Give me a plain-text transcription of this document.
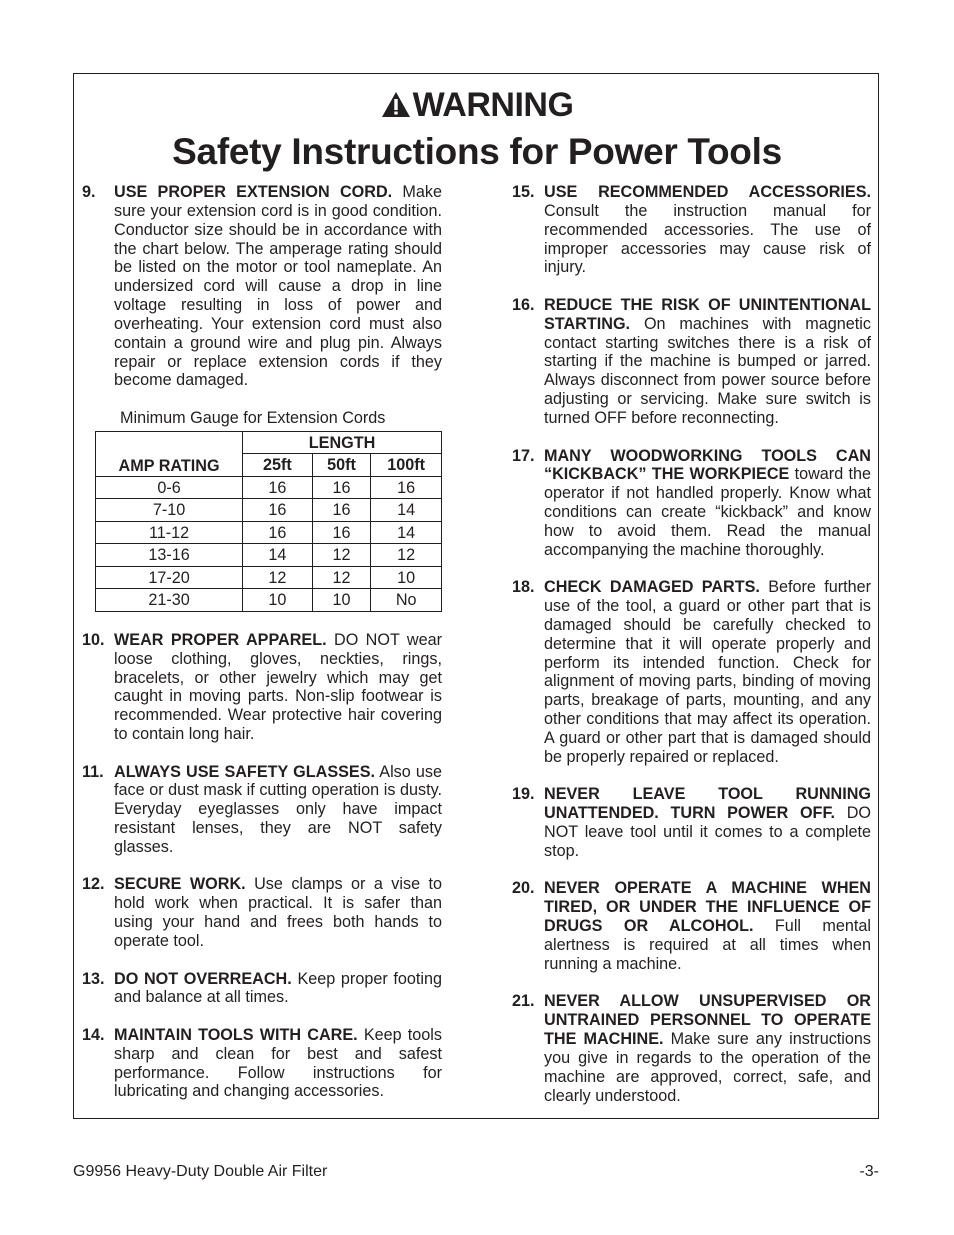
WARNING
Safety Instructions for Power Tools
9. USE PROPER EXTENSION CORD. Make sure your extension cord is in good condition. Conductor size should be in accordance with the chart below. The amperage rating should be listed on the motor or tool nameplate. An undersized cord will cause a drop in line voltage resulting in loss of power and overheating. Your extension cord must also contain a ground wire and plug pin. Always repair or replace extension cords if they become damaged.
Minimum Gauge for Extension Cords
AMP RATING	LENGTH		
	25ft	50ft	100ft
0-6	16	16	16
7-10	16	16	14
11-12	16	16	14
13-16	14	12	12
17-20	12	12	10
21-30	10	10	No
10. WEAR PROPER APPAREL. DO NOT wear loose clothing, gloves, neckties, rings, bracelets, or other jewelry which may get caught in moving parts. Non-slip footwear is recommended. Wear protective hair covering to contain long hair.
11. ALWAYS USE SAFETY GLASSES. Also use face or dust mask if cutting operation is dusty. Everyday eyeglasses only have impact resistant lenses, they are NOT safety glasses.
12. SECURE WORK. Use clamps or a vise to hold work when practical. It is safer than using your hand and frees both hands to operate tool.
13. DO NOT OVERREACH. Keep proper footing and balance at all times.
14. MAINTAIN TOOLS WITH CARE. Keep tools sharp and clean for best and safest performance. Follow instructions for lubricating and changing accessories.
15. USE RECOMMENDED ACCESSORIES. Consult the instruction manual for recommended accessories. The use of improper accessories may cause risk of injury.
16. REDUCE THE RISK OF UNINTENTIONAL STARTING. On machines with magnetic contact starting switches there is a risk of starting if the machine is bumped or jarred. Always disconnect from power source before adjusting or servicing. Make sure switch is turned OFF before reconnecting.
17. MANY WOODWORKING TOOLS CAN “KICKBACK” THE WORKPIECE toward the operator if not handled properly. Know what conditions can create “kickback” and know how to avoid them. Read the manual accompanying the machine thoroughly.
18. CHECK DAMAGED PARTS. Before further use of the tool, a guard or other part that is damaged should be carefully checked to determine that it will operate properly and perform its intended function. Check for alignment of moving parts, binding of moving parts, breakage of parts, mounting, and any other conditions that may affect its operation. A guard or other part that is damaged should be properly repaired or replaced.
19. NEVER LEAVE TOOL RUNNING UNATTENDED. TURN POWER OFF. DO NOT leave tool until it comes to a complete stop.
20. NEVER OPERATE A MACHINE WHEN TIRED, OR UNDER THE INFLUENCE OF DRUGS OR ALCOHOL. Full mental alertness is required at all times when running a machine.
21. NEVER ALLOW UNSUPERVISED OR UNTRAINED PERSONNEL TO OPERATE THE MACHINE. Make sure any instructions you give in regards to the operation of the machine are approved, correct, safe, and clearly understood.
G9956 Heavy-Duty Double Air Filter	-3-
